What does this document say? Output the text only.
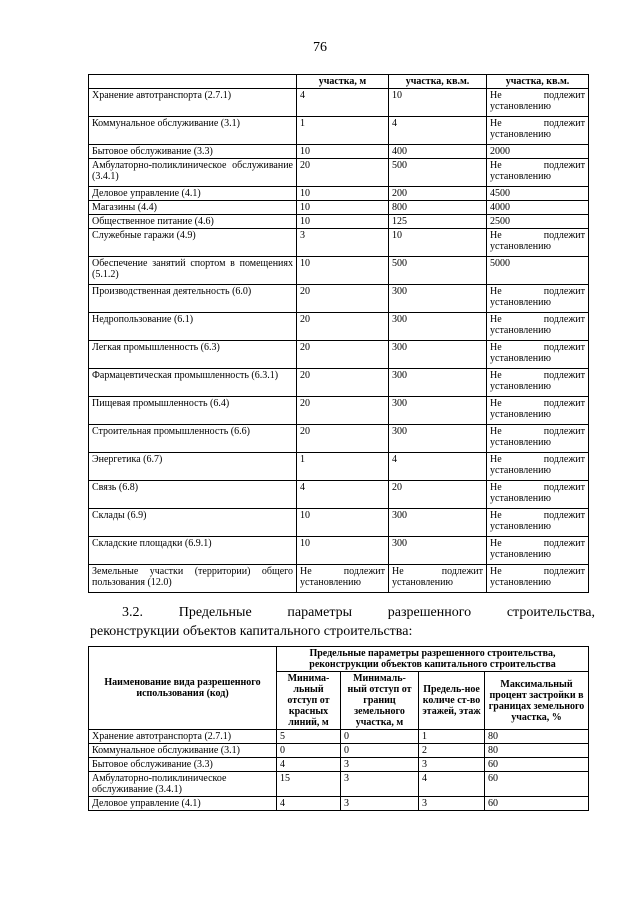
76
	участка, м	участка, кв.м.	участка, кв.м.
Хранение автотранспорта (2.7.1)	4	10	Не подлежит установлению
Коммунальное обслуживание (3.1)	1	4	Не подлежит установлению
Бытовое обслуживание (3.3)	10	400	2000
Амбулаторно-поликлиническое обслуживание (3.4.1)	20	500	Не подлежит установлению
Деловое управление (4.1)	10	200	4500
Магазины (4.4)	10	800	4000
Общественное питание (4.6)	10	125	2500
Служебные гаражи (4.9)	3	10	Не подлежит установлению
Обеспечение занятий спортом в помещениях (5.1.2)	10	500	5000
Производственная деятельность (6.0)	20	300	Не подлежит установлению
Недропользование (6.1)	20	300	Не подлежит установлению
Легкая промышленность (6.3)	20	300	Не подлежит установлению
Фармацевтическая промышленность (6.3.1)	20	300	Не подлежит установлению
Пищевая промышленность (6.4)	20	300	Не подлежит установлению
Строительная промышленность (6.6)	20	300	Не подлежит установлению
Энергетика (6.7)	1	4	Не подлежит установлению
Связь (6.8)	4	20	Не подлежит установлению
Склады (6.9)	10	300	Не подлежит установлению
Складские площадки (6.9.1)	10	300	Не подлежит установлению
Земельные участки (территории) общего пользования (12.0)	Не подлежит установлению	Не подлежит установлению	Не подлежит установлению
3.2.	Предельные	параметры	разрешенного	строительства,
реконструкции объектов капитального строительства:
Наименование вида разрешенного использования (код)	Предельные параметры разрешенного строительства, реконструкции объектов капитального строительства			
	Минима-льный отступ от красных линий, м	Минималь-ный отступ от границ земельного участка, м	Предель-ное количе ст-во этажей, этаж	Максимальный процент застройки в границах земельного участка, %
Хранение автотранспорта (2.7.1)	5	0	1	80
Коммунальное обслуживание (3.1)	0	0	2	80
Бытовое обслуживание (3.3)	4	3	3	60
Амбулаторно-поликлиническое обслуживание (3.4.1)	15	3	4	60
Деловое управление (4.1)	4	3	3	60
